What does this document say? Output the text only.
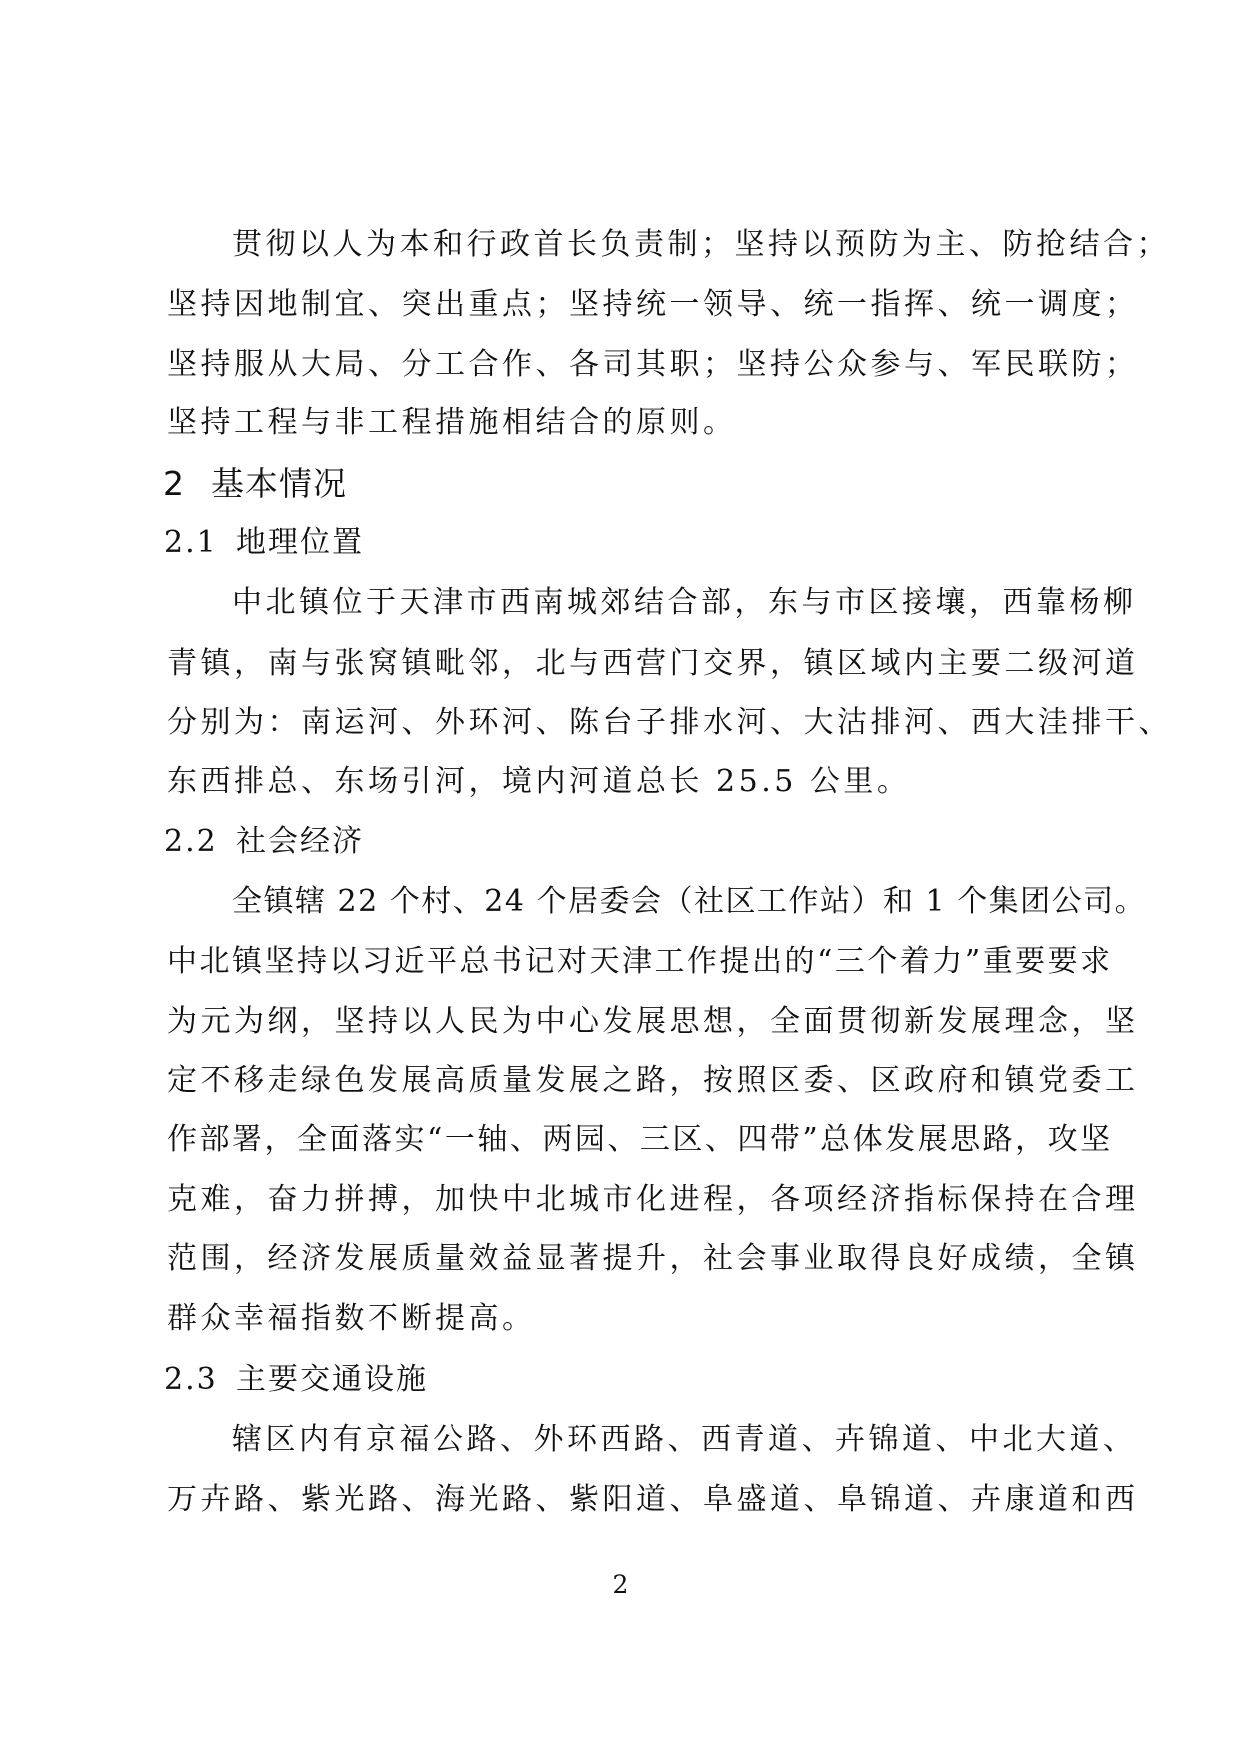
贯彻以人为本和行政首长负责制；坚持以预防为主、防抢结合；
坚持因地制宜、突出重点；坚持统一领导、统一指挥、统一调度；
坚持服从大局、分工合作、各司其职；坚持公众参与、军民联防；
坚持工程与非工程措施相结合的原则。
2 基本情况
2.1 地理位置
中北镇位于天津市西南城郊结合部，东与市区接壤，西靠杨柳
青镇，南与张窝镇毗邻，北与西营门交界，镇区域内主要二级河道
分别为：南运河、外环河、陈台子排水河、大沽排河、西大洼排干、
东西排总、东场引河，境内河道总长 25.5 公里。
2.2 社会经济
全镇辖 22 个村、24 个居委会（社区工作站）和 1 个集团公司。
中北镇坚持以习近平总书记对天津工作提出的“三个着力”重要要求
为元为纲，坚持以人民为中心发展思想，全面贯彻新发展理念，坚
定不移走绿色发展高质量发展之路，按照区委、区政府和镇党委工
作部署，全面落实“一轴、两园、三区、四带”总体发展思路，攻坚
克难，奋力拼搏，加快中北城市化进程，各项经济指标保持在合理
范围，经济发展质量效益显著提升，社会事业取得良好成绩，全镇
群众幸福指数不断提高。
2.3 主要交通设施
辖区内有京福公路、外环西路、西青道、卉锦道、中北大道、
万卉路、紫光路、海光路、紫阳道、阜盛道、阜锦道、卉康道和西
2
